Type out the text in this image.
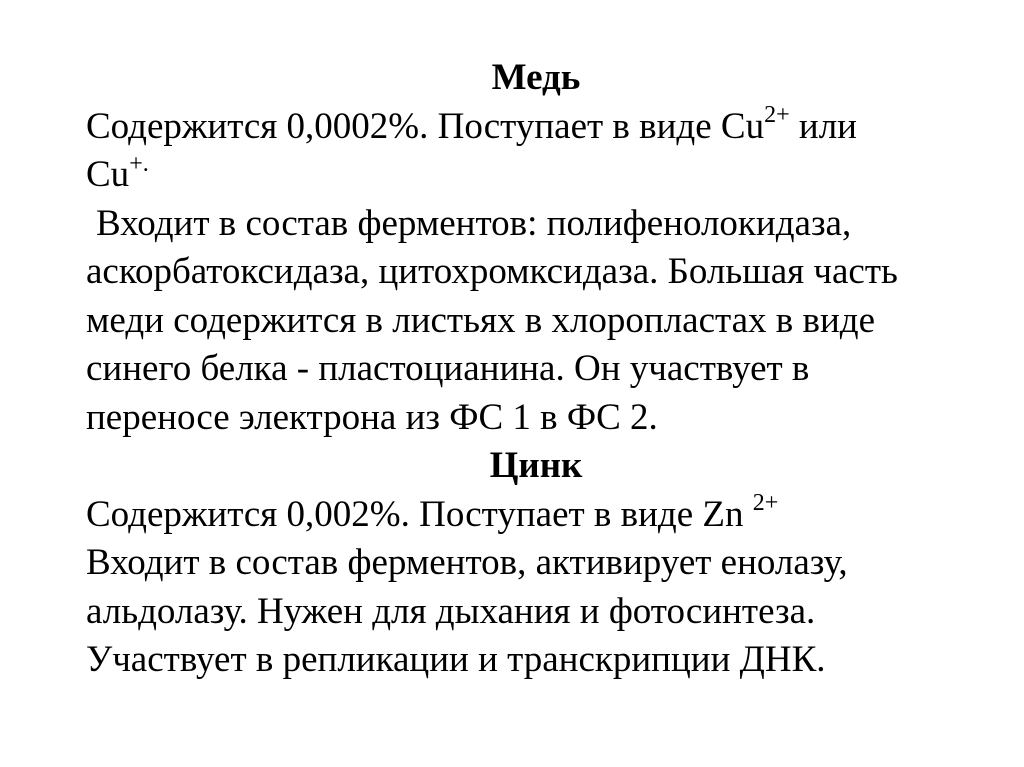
Медь
Содержится 0,0002%. Поступает в виде $Cu^{2+}$ или
Cu+.
Входит в состав ферментов: полифенолокидаза,
аскорбатоксидаза, цитохромксидаза. Большая часть
меди содержится в листьях в хлоропластах в виде
синего белка - пластоцианина. Он участвует в
переносе электрона из ФС 1 в ФС 2.
Цинк
Содержится 0,002%. Поступает в виде Zn $^{2+}$
Входит в состав ферментов, активирует енолазу,
альдолазу. Нужен для дыхания и фотосинтеза.
Участвует в репликации и транскрипции ДНК.
